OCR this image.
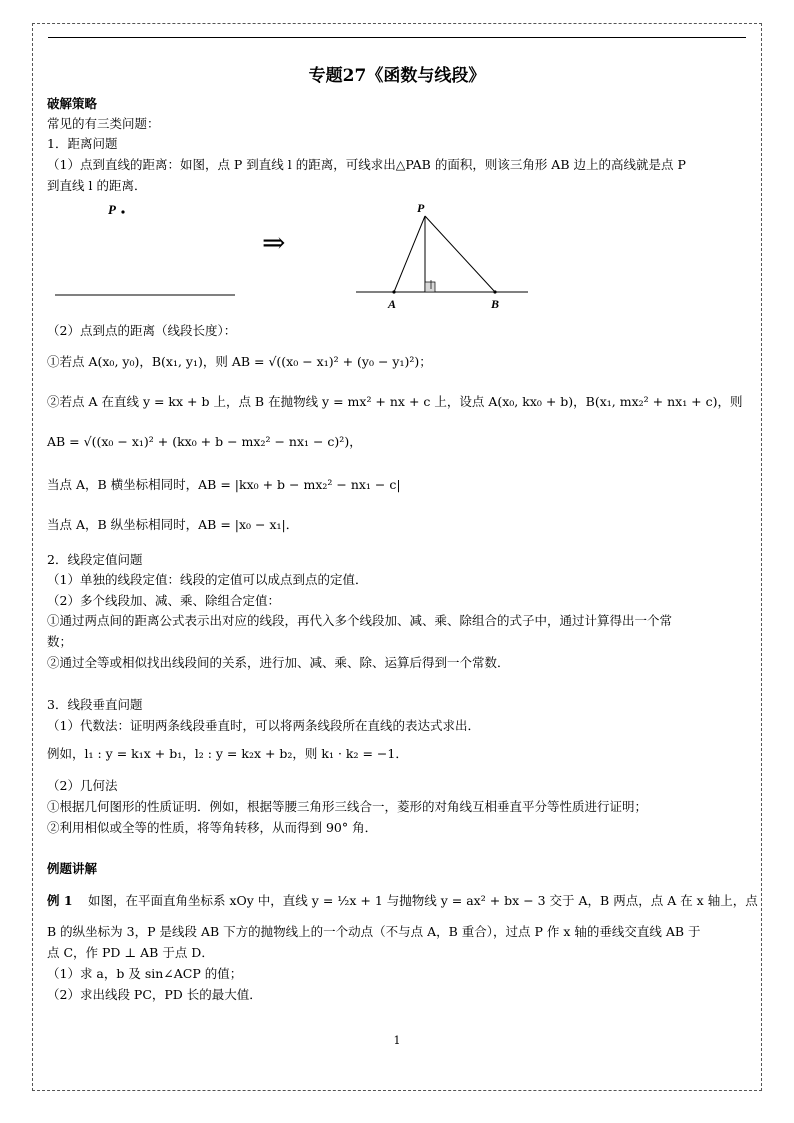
专题27《函数与线段》
破解策略
常见的有三类问题：
1．距离问题
（1）点到直线的距离：如图，点 P 到直线 l 的距离，可线求出△PAB 的面积，则该三角形 AB 边上的高线就是点 P
到直线 l 的距离．
P
⇒
P
A	B
（2）点到点的距离（线段长度）：
①若点 A(x₀, y₀)，B(x₁, y₁)，则 AB = √((x₀ − x₁)² + (y₀ − y₁)²)；
②若点 A 在直线 y = kx + b 上，点 B 在抛物线 y = mx² + nx + c 上，设点 A(x₀, kx₀ + b)，B(x₁, mx₂² + nx₁ + c)，则
AB = √((x₀ − x₁)² + (kx₀ + b − mx₂² − nx₁ − c)²)，
当点 A，B 横坐标相同时，AB = |kx₀ + b − mx₂² − nx₁ − c|
当点 A，B 纵坐标相同时，AB = |x₀ − x₁|．
2．线段定值问题
（1）单独的线段定值：线段的定值可以成点到点的定值．
（2）多个线段加、减、乘、除组合定值：
①通过两点间的距离公式表示出对应的线段，再代入多个线段加、减、乘、除组合的式子中，通过计算得出一个常
数；
②通过全等或相似找出线段间的关系，进行加、减、乘、除、运算后得到一个常数．
3．线段垂直问题
（1）代数法：证明两条线段垂直时，可以将两条线段所在直线的表达式求出．
例如，l₁ : y = k₁x + b₁，l₂ : y = k₂x + b₂，则 k₁ · k₂ = −1．
（2）几何法
①根据几何图形的性质证明．例如，根据等腰三角形三线合一，菱形的对角线互相垂直平分等性质进行证明；
②利用相似或全等的性质，将等角转移，从而得到 90° 角．
例题讲解
例 1 如图，在平面直角坐标系 xOy 中，直线 y = ½x + 1 与抛物线 y = ax² + bx − 3 交于 A，B 两点，点 A 在 x 轴上，点
B 的纵坐标为 3，P 是线段 AB 下方的抛物线上的一个动点（不与点 A，B 重合），过点 P 作 x 轴的垂线交直线 AB 于
点 C，作 PD ⊥ AB 于点 D．
（1）求 a，b 及 sin∠ACP 的值；
（2）求出线段 PC，PD 长的最大值．
1
